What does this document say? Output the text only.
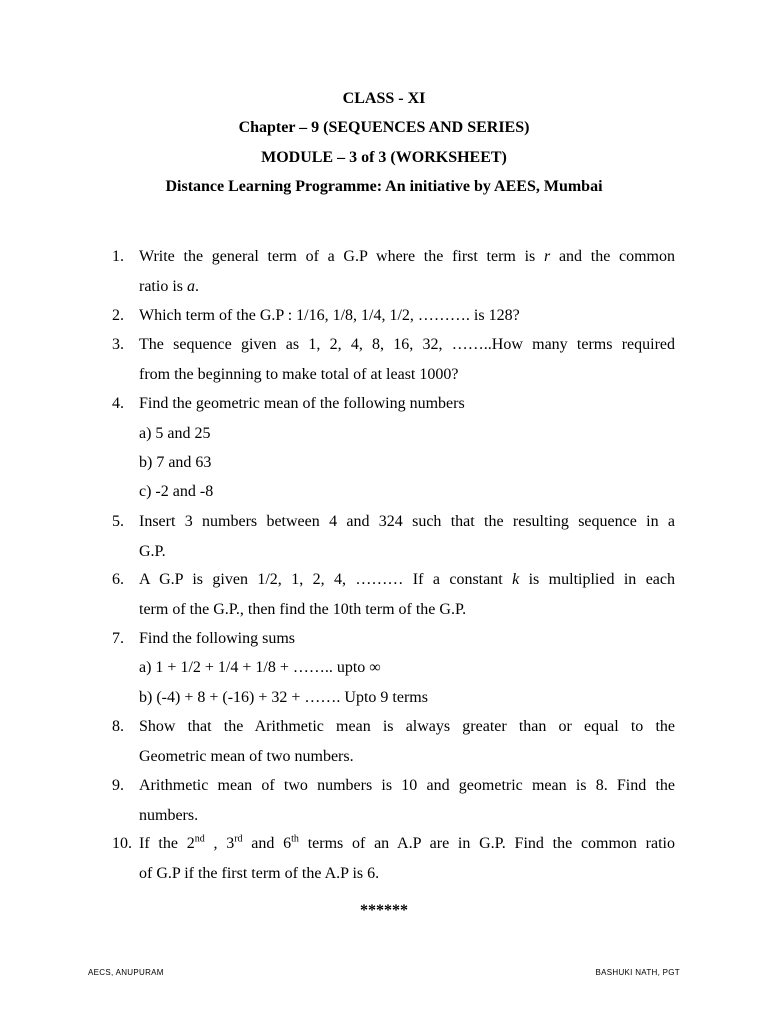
CLASS - XI
Chapter – 9 (SEQUENCES AND SERIES)
MODULE – 3 of 3 (WORKSHEET)
Distance Learning Programme: An initiative by AEES, Mumbai
1. Write the general term of a G.P where the first term is r and the common
ratio is a.
2. Which term of the G.P : 1/16, 1/8, 1/4, 1/2, ………. is 128?
3. The sequence given as 1, 2, 4, 8, 16, 32, ……..How many terms required
from the beginning to make total of at least 1000?
4. Find the geometric mean of the following numbers
a) 5 and 25
b) 7 and 63
c) -2 and -8
5. Insert 3 numbers between 4 and 324 such that the resulting sequence in a
G.P.
6. A G.P is given 1/2, 1, 2, 4, ……… If a constant k is multiplied in each
term of the G.P., then find the 10th term of the G.P.
7. Find the following sums
a) 1 + 1/2 + 1/4 + 1/8 + …….. upto ∞
b) (-4) + 8 + (-16) + 32 + ……. Upto 9 terms
8. Show that the Arithmetic mean is always greater than or equal to the
Geometric mean of two numbers.
9. Arithmetic mean of two numbers is 10 and geometric mean is 8. Find the
numbers.
10. If the 2nd , 3rd and 6th terms of an A.P are in G.P. Find the common ratio
of G.P if the first term of the A.P is 6.
******
AECS, ANUPURAM	BASHUKI NATH, PGT
